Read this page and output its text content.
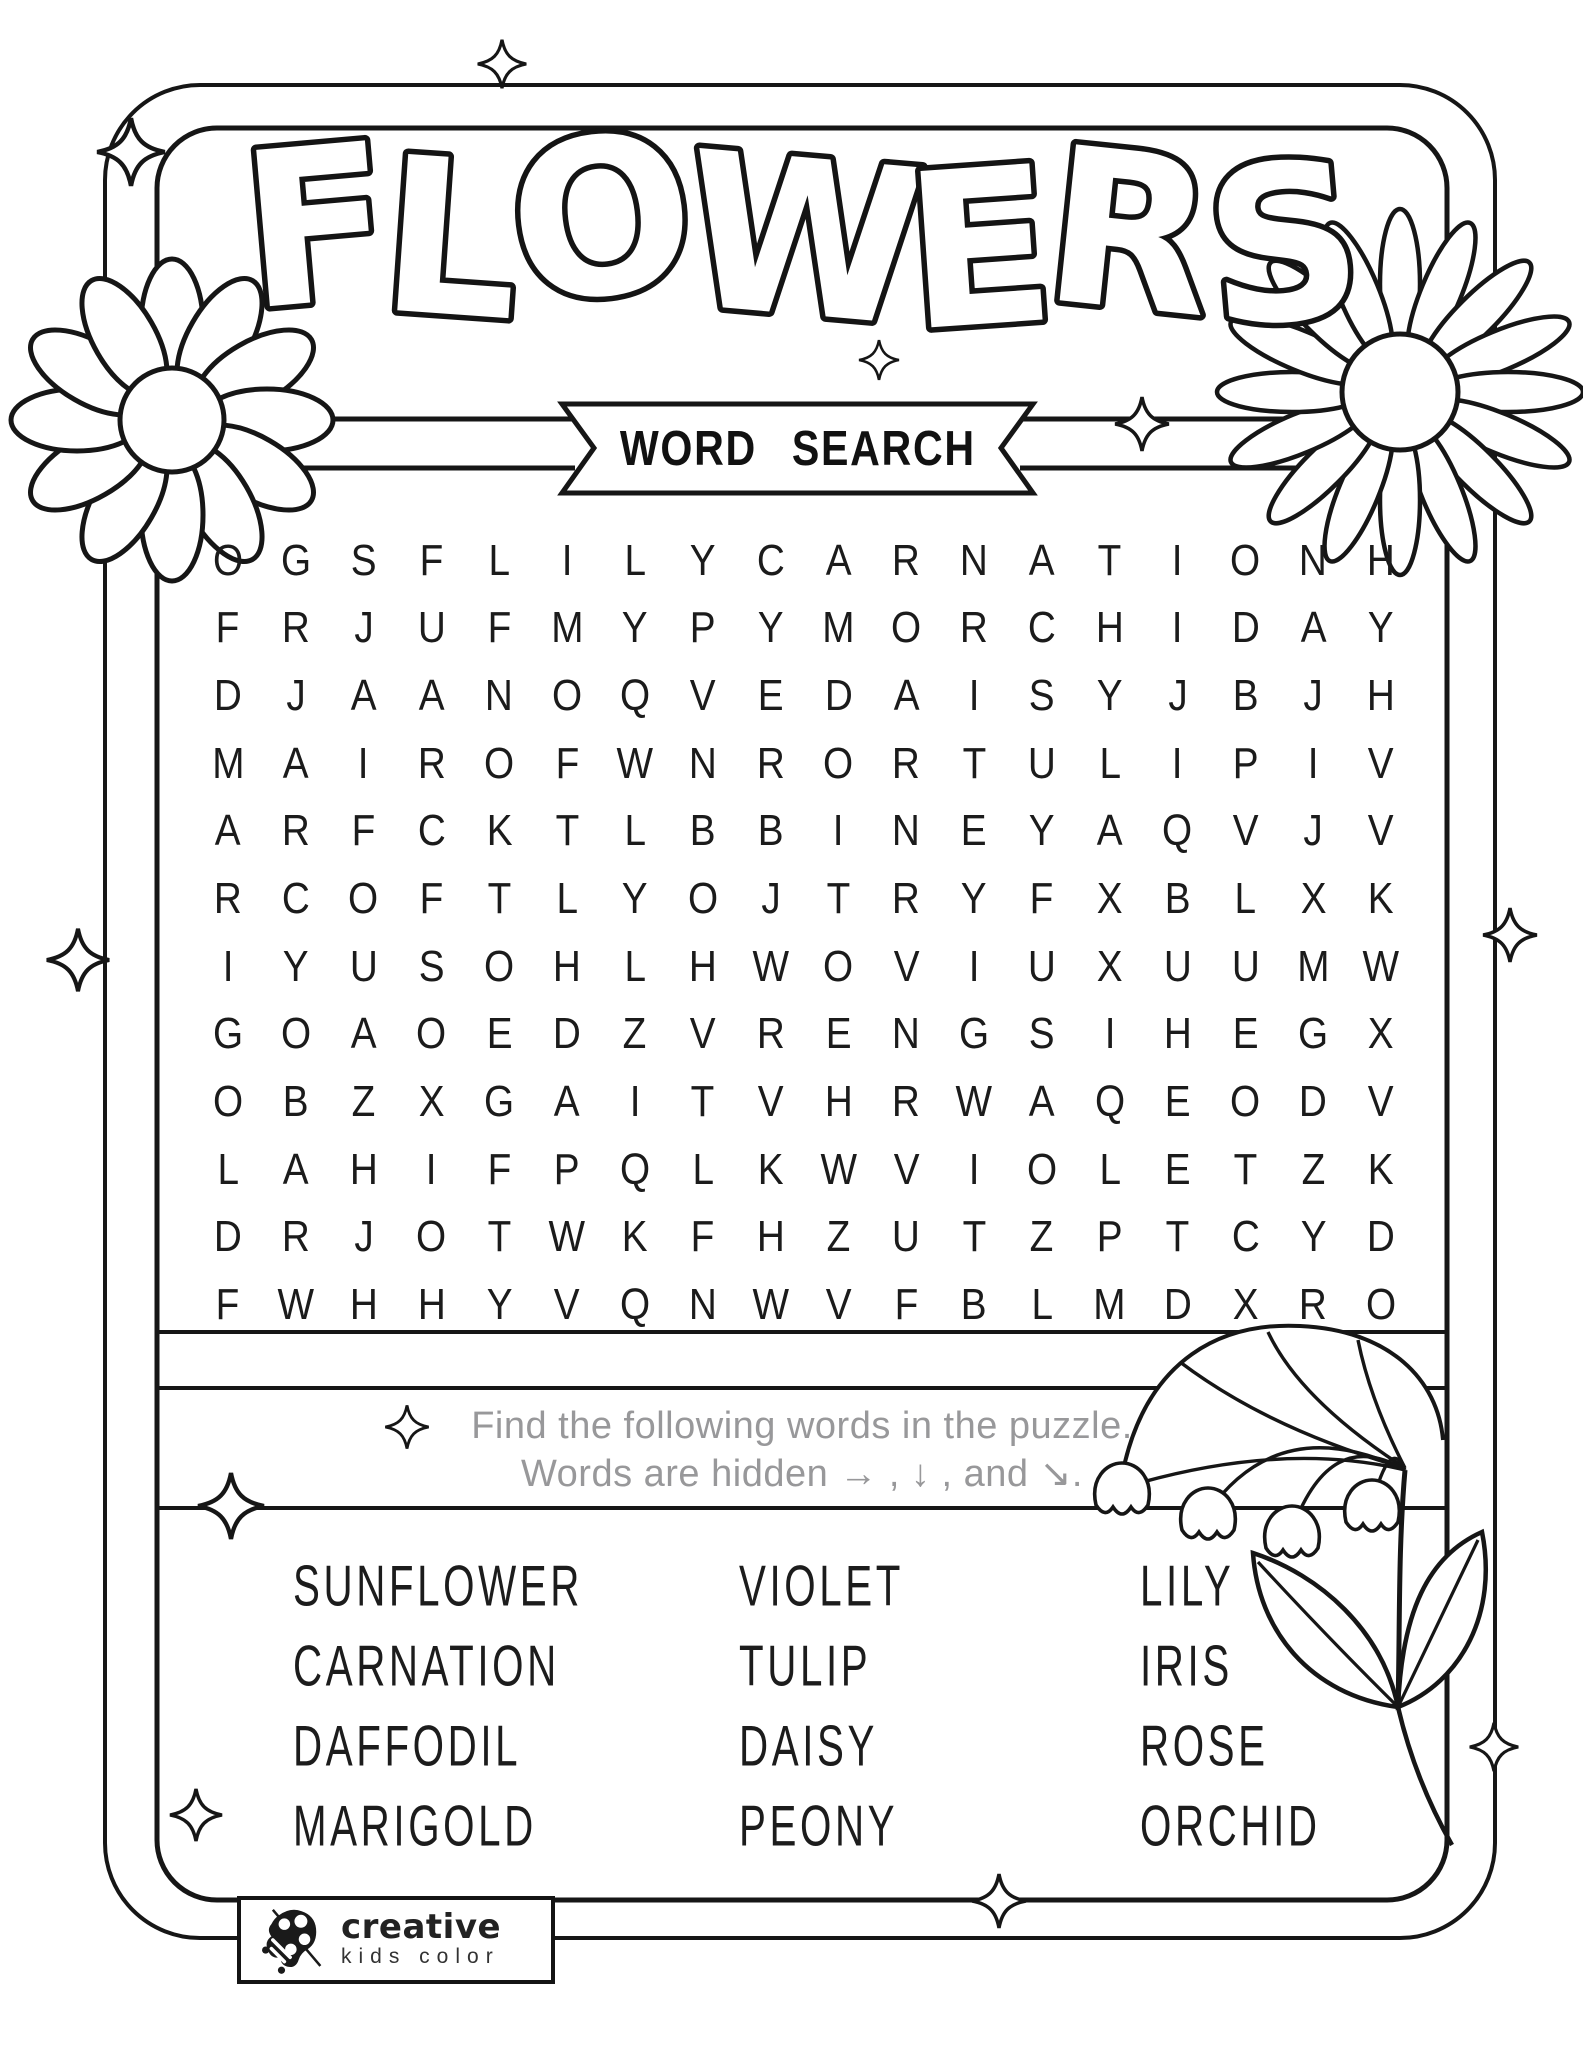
F
L
O
W
E
R
S
WORD SEARCH
O G S F L I L Y C A R N A T I O N H
F R J U F M Y P Y M O R C H I D A Y
D J A A N O Q V E D A I S Y J B J H
M A I R O F W N R O R T U L I P I V
A R F C K T L B B I N E Y A Q V J V
R C O F T L Y O J T R Y F X B L X K
I Y U S O H L H W O V I U X U U M W
G O A O E D Z V R E N G S I H E G X
O B Z X G A I T V H R W A Q E O D V
L A H I F P Q L K W V I O L E T Z K
D R J O T W K F H Z U T Z P T C Y D
F W H H Y V Q N W V F B L M D X R O
Find the following words in the puzzle.
Words are hidden → , ↓ , and ↘.
SUNFLOWER
CARNATION
DAFFODIL
MARIGOLD
VIOLET
TULIP
DAISY
PEONY
LILY
IRIS
ROSE
ORCHID
creative
kids color
